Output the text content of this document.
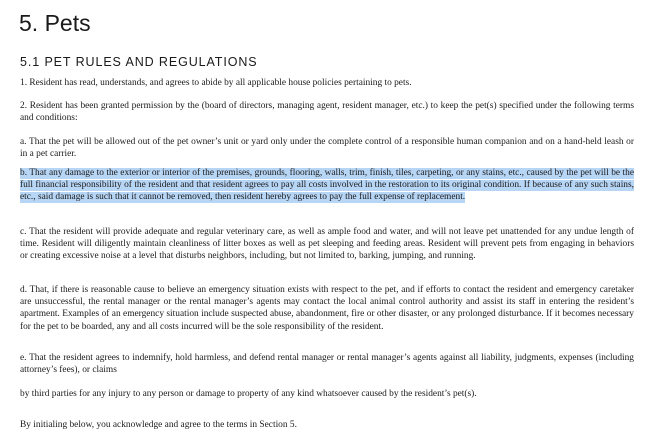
5. Pets
5.1 PET RULES AND REGULATIONS

1. Resident has read, understands, and agrees to abide by all applicable house policies pertaining to pets.

2. Resident has been granted permission by the (board of directors, managing agent, resident manager, etc.) to keep the pet(s) specified under the following terms and conditions:

a. That the pet will be allowed out of the pet owner’s unit or yard only under the complete control of a responsible human companion and on a hand-held leash or in a pet carrier.

b. That any damage to the exterior or interior of the premises, grounds, flooring, walls, trim, finish, tiles, carpeting, or any stains, etc., caused by the pet will be the full financial responsibility of the resident and that resident agrees to pay all costs involved in the restoration to its original condition. If because of any such stains, etc., said damage is such that it cannot be removed, then resident hereby agrees to pay the full expense of replacement.

c. That the resident will provide adequate and regular veterinary care, as well as ample food and water, and will not leave pet unattended for any undue length of time. Resident will diligently maintain cleanliness of litter boxes as well as pet sleeping and feeding areas. Resident will prevent pets from engaging in behaviors or creating excessive noise at a level that disturbs neighbors, including, but not limited to, barking, jumping, and running.

d. That, if there is reasonable cause to believe an emergency situation exists with respect to the pet, and if efforts to contact the resident and emergency caretaker are unsuccessful, the rental manager or the rental manager’s agents may contact the local animal control authority and assist its staff in entering the resident’s apartment. Examples of an emergency situation include suspected abuse, abandonment, fire or other disaster, or any prolonged disturbance. If it becomes necessary for the pet to be boarded, any and all costs incurred will be the sole responsibility of the resident.

e. That the resident agrees to indemnify, hold harmless, and defend rental manager or rental manager’s agents against all liability, judgments, expenses (including attorney’s fees), or claims

by third parties for any injury to any person or damage to property of any kind whatsoever caused by the resident’s pet(s).

By initialing below, you acknowledge and agree to the terms in Section 5.
